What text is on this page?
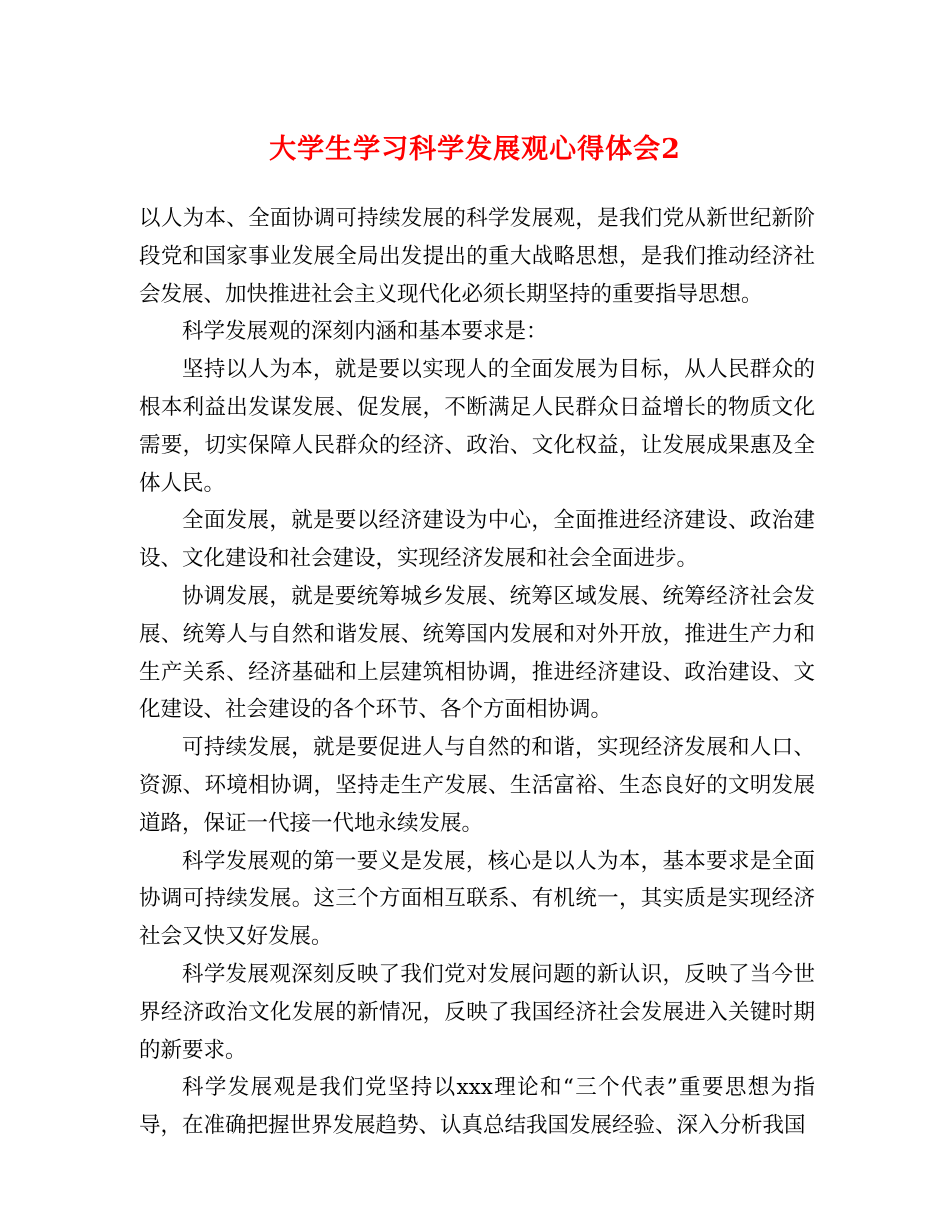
大学生学习科学发展观心得体会2

以人为本、全面协调可持续发展的科学发展观，是我们党从新世纪新阶段党和国家事业发展全局出发提出的重大战略思想，是我们推动经济社会发展、加快推进社会主义现代化必须长期坚持的重要指导思想。

科学发展观的深刻内涵和基本要求是：

坚持以人为本，就是要以实现人的全面发展为目标，从人民群众的根本利益出发谋发展、促发展，不断满足人民群众日益增长的物质文化需要，切实保障人民群众的经济、政治、文化权益，让发展成果惠及全体人民。

全面发展，就是要以经济建设为中心，全面推进经济建设、政治建设、文化建设和社会建设，实现经济发展和社会全面进步。

协调发展，就是要统筹城乡发展、统筹区域发展、统筹经济社会发展、统筹人与自然和谐发展、统筹国内发展和对外开放，推进生产力和生产关系、经济基础和上层建筑相协调，推进经济建设、政治建设、文化建设、社会建设的各个环节、各个方面相协调。

可持续发展，就是要促进人与自然的和谐，实现经济发展和人口、资源、环境相协调，坚持走生产发展、生活富裕、生态良好的文明发展道路，保证一代接一代地永续发展。

科学发展观的第一要义是发展，核心是以人为本，基本要求是全面协调可持续发展。这三个方面相互联系、有机统一，其实质是实现经济社会又快又好发展。

科学发展观深刻反映了我们党对发展问题的新认识，反映了当今世界经济政治文化发展的新情况，反映了我国经济社会发展进入关键时期的新要求。

科学发展观是我们党坚持以xxx理论和“三个代表”重要思想为指导，在准确把握世界发展趋势、认真总结我国发展经验、深入分析我国
